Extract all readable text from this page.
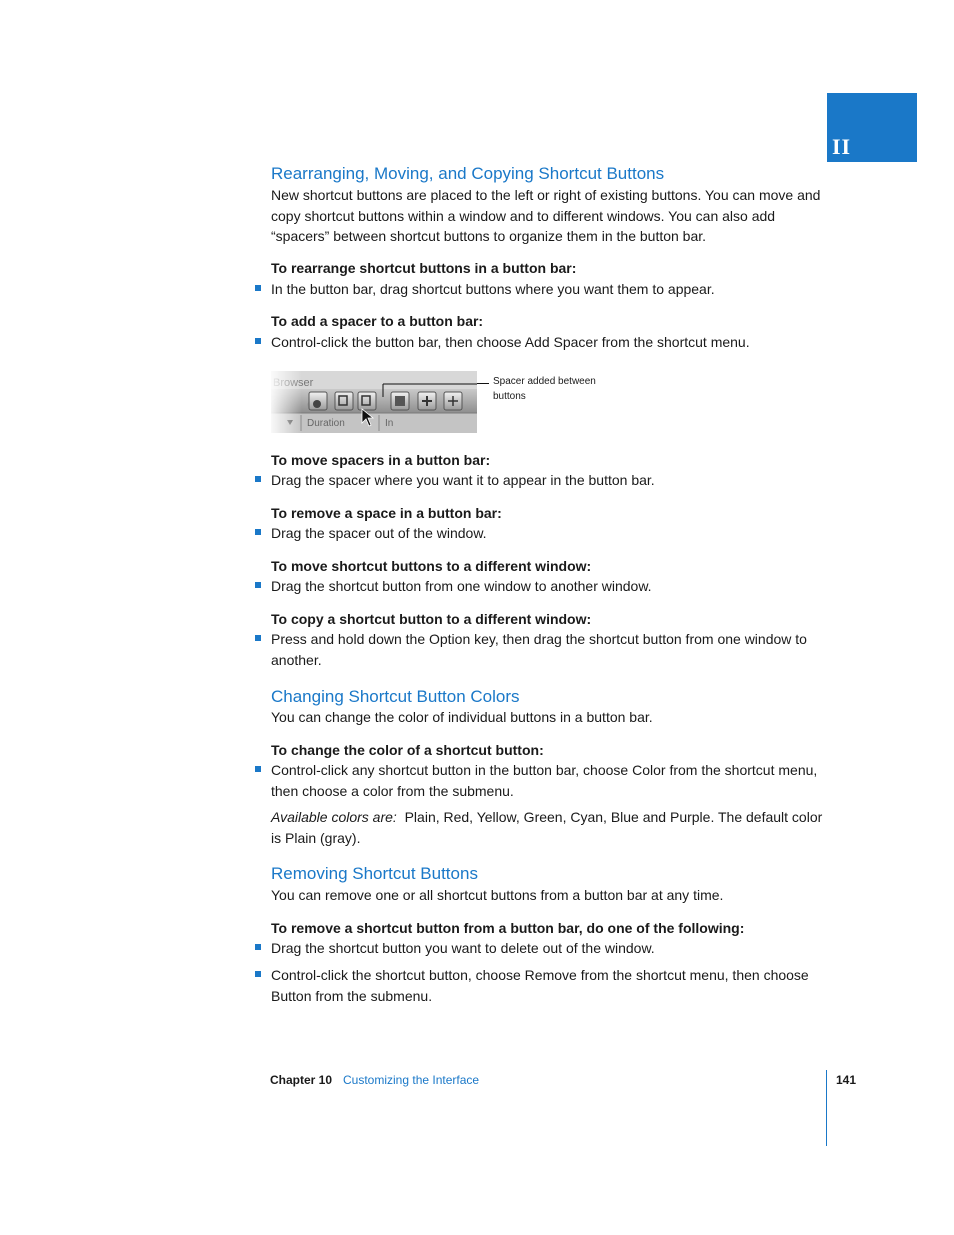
II
Rearranging, Moving, and Copying Shortcut Buttons
New shortcut buttons are placed to the left or right of existing buttons. You can move and copy shortcut buttons within a window and to different windows. You can also add “spacers” between shortcut buttons to organize them in the button bar.
To rearrange shortcut buttons in a button bar:
In the button bar, drag shortcut buttons where you want them to appear.
To add a spacer to a button bar:
Control-click the button bar, then choose Add Spacer from the shortcut menu.
Spacer added between buttons
To move spacers in a button bar:
Drag the spacer where you want it to appear in the button bar.
To remove a space in a button bar:
Drag the spacer out of the window.
To move shortcut buttons to a different window:
Drag the shortcut button from one window to another window.
To copy a shortcut button to a different window:
Press and hold down the Option key, then drag the shortcut button from one window to another.
Changing Shortcut Button Colors
You can change the color of individual buttons in a button bar.
To change the color of a shortcut button:
Control-click any shortcut button in the button bar, choose Color from the shortcut menu, then choose a color from the submenu.
Available colors are: Plain, Red, Yellow, Green, Cyan, Blue and Purple. The default color is Plain (gray).
Removing Shortcut Buttons
You can remove one or all shortcut buttons from a button bar at any time.
To remove a shortcut button from a button bar, do one of the following:
Drag the shortcut button you want to delete out of the window.
Control-click the shortcut button, choose Remove from the shortcut menu, then choose Button from the submenu.
Chapter 10 Customizing the Interface	141
